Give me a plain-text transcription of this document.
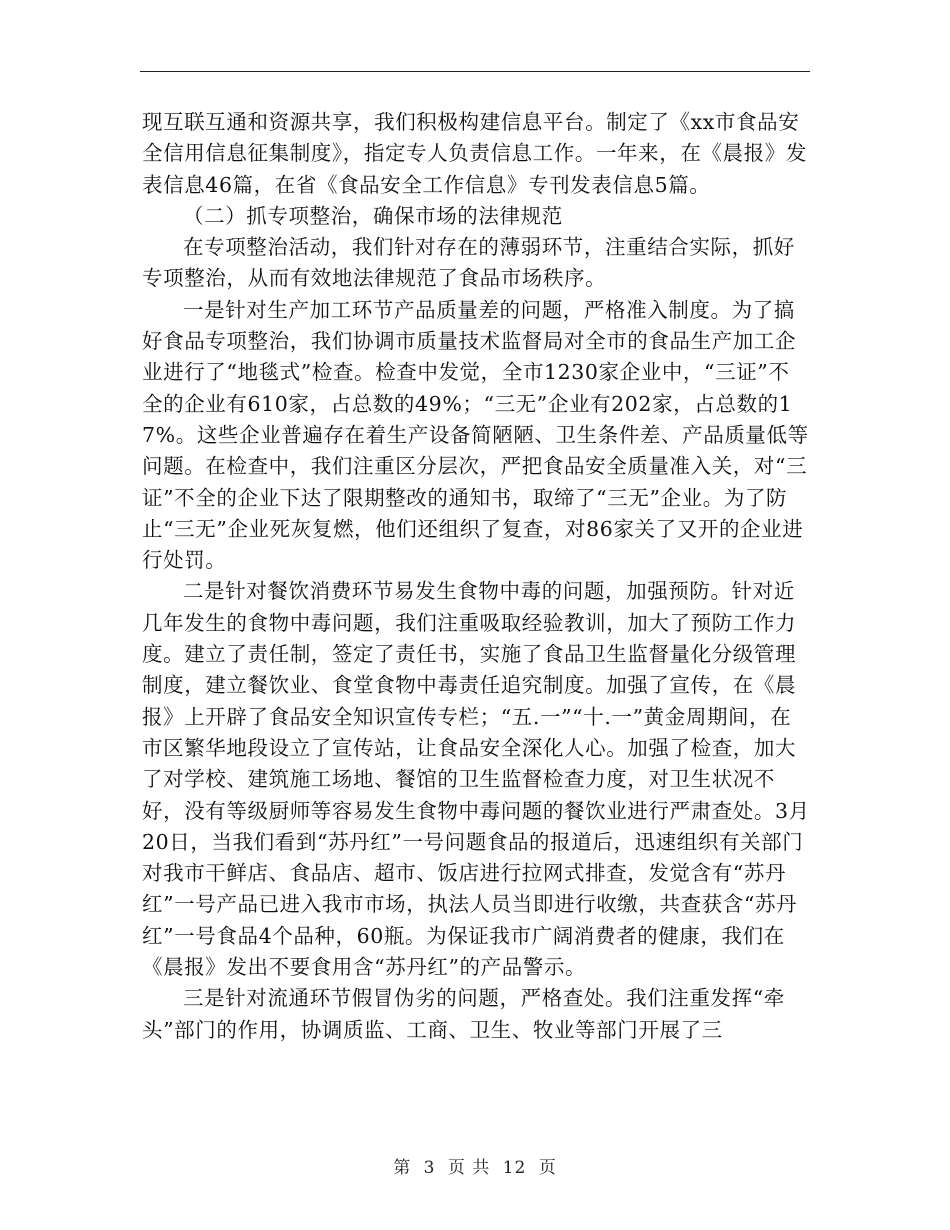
现互联互通和资源共享，我们积极构建信息平台。制定了《xx市食品安全信用信息征集制度》，指定专人负责信息工作。一年来，在《晨报》发表信息46篇，在省《食品安全工作信息》专刊发表信息5篇。

（二）抓专项整治，确保市场的法律规范

在专项整治活动，我们针对存在的薄弱环节，注重结合实际，抓好专项整治，从而有效地法律规范了食品市场秩序。

一是针对生产加工环节产品质量差的问题，严格准入制度。为了搞好食品专项整治，我们协调市质量技术监督局对全市的食品生产加工企业进行了“地毯式”检查。检查中发觉，全市1230家企业中，“三证”不全的企业有610家，占总数的49%；“三无”企业有202家，占总数的17%。这些企业普遍存在着生产设备简陋陋、卫生条件差、产品质量低等问题。在检查中，我们注重区分层次，严把食品安全质量准入关，对“三证”不全的企业下达了限期整改的通知书，取缔了“三无”企业。为了防止“三无”企业死灰复燃，他们还组织了复查，对86家关了又开的企业进行处罚。

二是针对餐饮消费环节易发生食物中毒的问题，加强预防。针对近几年发生的食物中毒问题，我们注重吸取经验教训，加大了预防工作力度。建立了责任制，签定了责任书，实施了食品卫生监督量化分级管理制度，建立餐饮业、食堂食物中毒责任追究制度。加强了宣传，在《晨报》上开辟了食品安全知识宣传专栏；“五.一”“十.一”黄金周期间，在市区繁华地段设立了宣传站，让食品安全深化人心。加强了检查，加大了对学校、建筑施工场地、餐馆的卫生监督检查力度，对卫生状况不好，没有等级厨师等容易发生食物中毒问题的餐饮业进行严肃查处。3月20日，当我们看到“苏丹红”一号问题食品的报道后，迅速组织有关部门对我市干鲜店、食品店、超市、饭店进行拉网式排查，发觉含有“苏丹红”一号产品已进入我市市场，执法人员当即进行收缴，共查获含“苏丹红”一号食品4个品种，60瓶。为保证我市广阔消费者的健康，我们在《晨报》发出不要食用含“苏丹红”的产品警示。

三是针对流通环节假冒伪劣的问题，严格查处。我们注重发挥“牵头”部门的作用，协调质监、工商、卫生、牧业等部门开展了三

第 3 页 共 12 页
